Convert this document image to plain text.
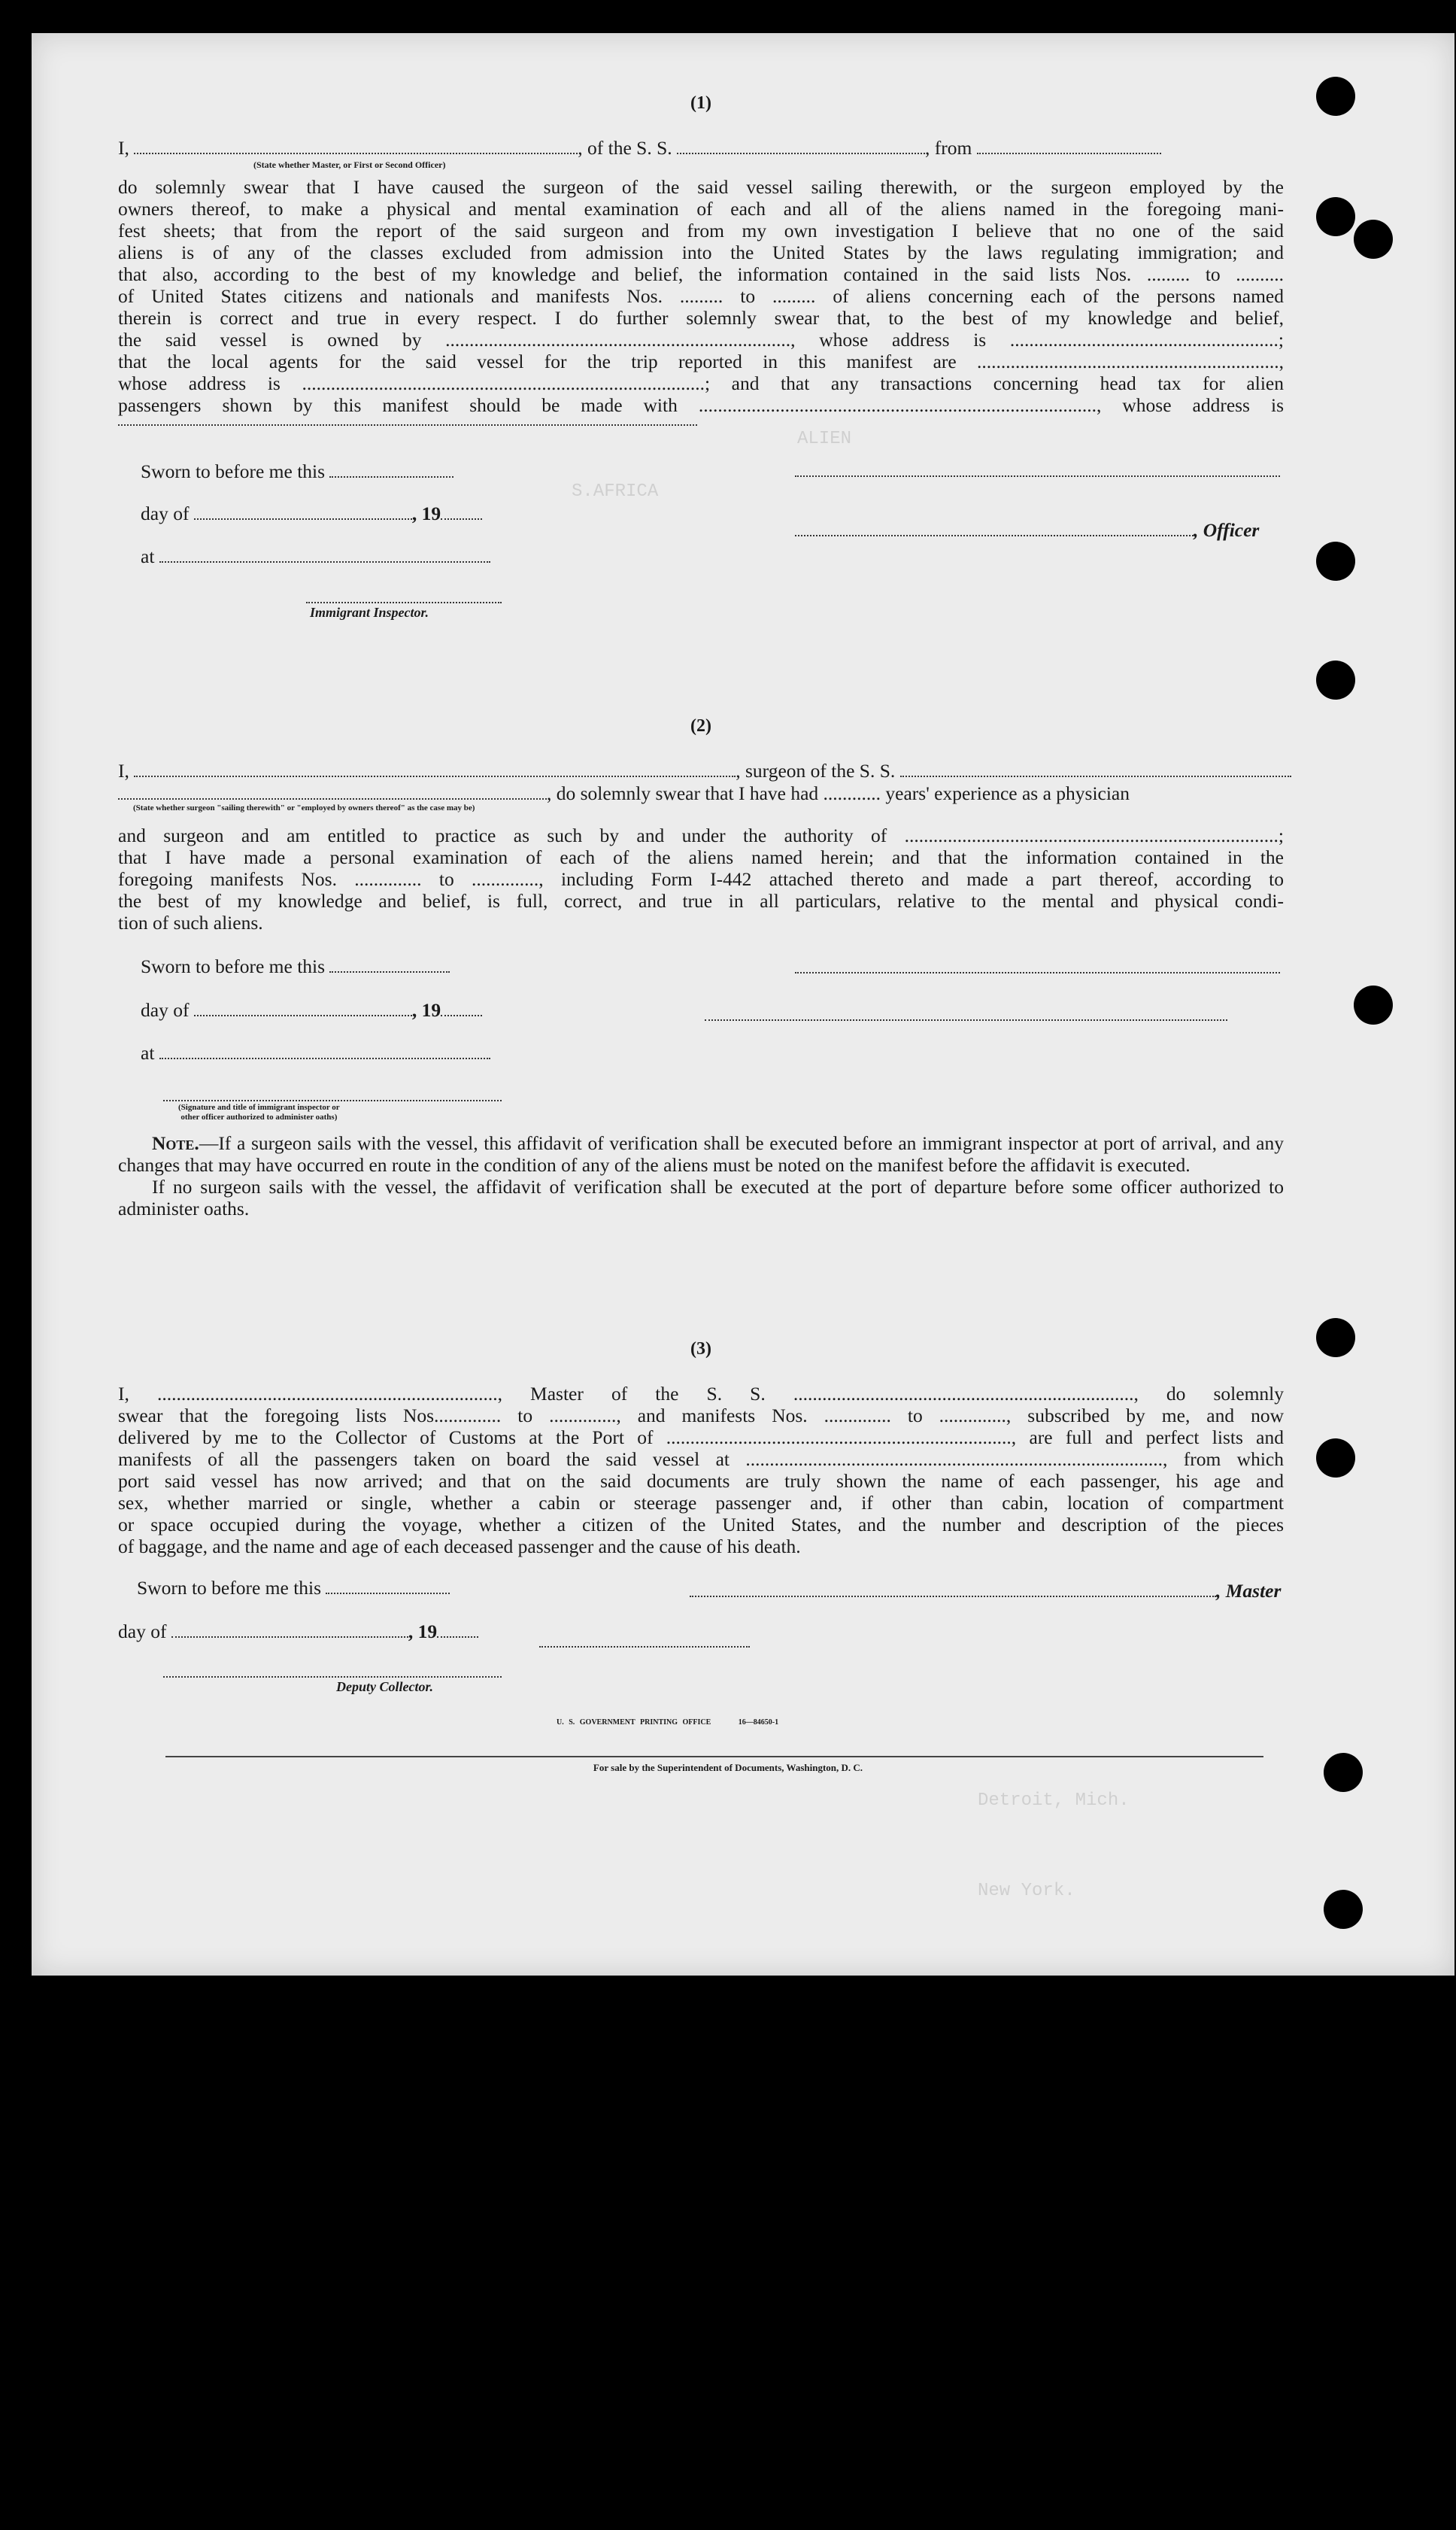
S.AFRICA
ALIEN
Detroit, Mich.
New York.
(1)
I,	, of the S. S.	, from
(State whether Master, or First or Second Officer)
do solemnly swear that I have caused the surgeon of the said vessel sailing therewith, or the surgeon employed by the
owners thereof, to make a physical and mental examination of each and all of the aliens named in the foregoing mani-
fest sheets; that from the report of the said surgeon and from my own investigation I believe that no one of the said
aliens is of any of the classes excluded from admission into the United States by the laws regulating immigration; and
that also, according to the best of my knowledge and belief, the information contained in the said lists Nos. ......... to ..........
of United States citizens and nationals and manifests Nos. ......... to ......... of aliens concerning each of the persons named
therein is correct and true in every respect. I do further solemnly swear that, to the best of my knowledge and belief,
the said vessel is owned by ........................................................................, whose address is ........................................................;
that the local agents for the said vessel for the trip reported in this manifest are ...............................................................,
whose address is ....................................................................................; and that any transactions concerning head tax for alien
passengers shown by this manifest should be made with ..................................................................................., whose address is
Sworn to before me this
day of	, 19
at
Immigrant Inspector.
, Officer
(2)
I,	, surgeon of the S. S.
, do solemnly swear that I have had ............ years' experience as a physician
(State whether surgeon "sailing therewith" or "employed by owners thereof" as the case may be)
and surgeon and am entitled to practice as such by and under the authority of ..............................................................................;
that I have made a personal examination of each of the aliens named herein; and that the information contained in the
foregoing manifests Nos. .............. to .............., including Form I-442 attached thereto and made a part thereof, according to
the best of my knowledge and belief, is full, correct, and true in all particulars, relative to the mental and physical condi-
tion of such aliens.
Sworn to before me this
day of	, 19
at
(Signature and title of immigrant inspector or
other officer authorized to administer oaths)

Note.—If a surgeon sails with the vessel, this affidavit of verification shall be executed before an immigrant inspector at port of arrival, and any changes that may have occurred en route in the condition of any of the aliens must be noted on the manifest before the affidavit is executed.

If no surgeon sails with the vessel, the affidavit of verification shall be executed at the port of departure before some officer authorized to administer oaths.

(3)
I, ......................................................................., Master of the S. S. ......................................................................., do solemnly
swear that the foregoing lists Nos.............. to .............., and manifests Nos. .............. to .............., subscribed by me, and now
delivered by me to the Collector of Customs at the Port of ........................................................................, are full and perfect lists and
manifests of all the passengers taken on board the said vessel at ......................................................................................., from which
port said vessel has now arrived; and that on the said documents are truly shown the name of each passenger, his age and
sex, whether married or single, whether a cabin or steerage passenger and, if other than cabin, location of compartment
or space occupied during the voyage, whether a citizen of the United States, and the number and description of the pieces
of baggage, and the name and age of each deceased passenger and the cause of his death.
Sworn to before me this
day of	, 19
Deputy Collector.
, Master
U. S. GOVERNMENT PRINTING OFFICE	16—84650-1
For sale by the Superintendent of Documents, Washington, D. C.
